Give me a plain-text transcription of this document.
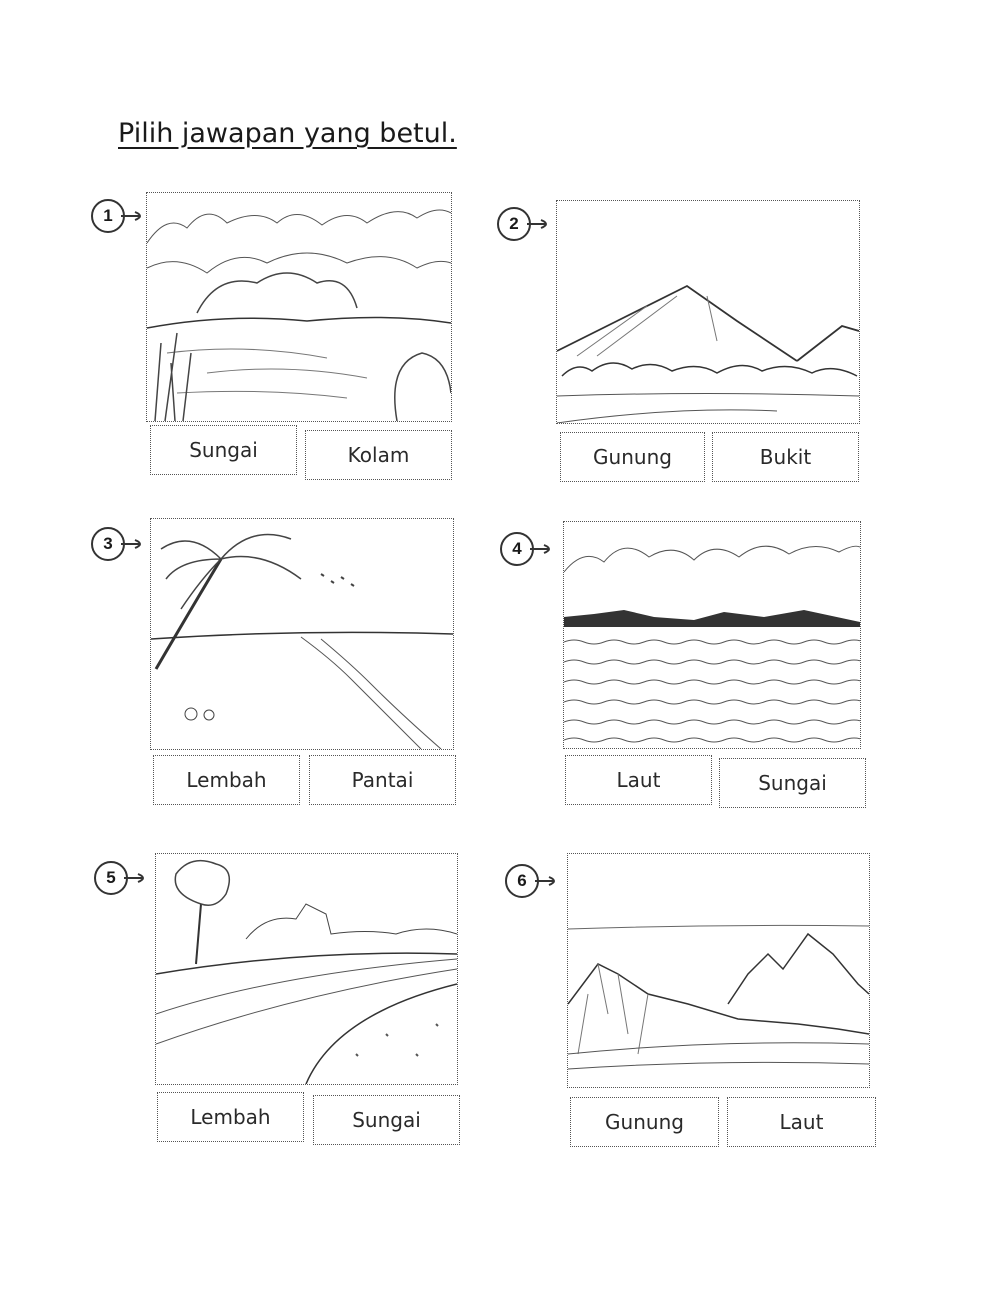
Pilih jawapan yang betul.
1
Sungai	Kolam
2
Gunung	Bukit
3
Lembah	Pantai
4
Laut	Sungai
5
Lembah	Sungai
6
Gunung	Laut
